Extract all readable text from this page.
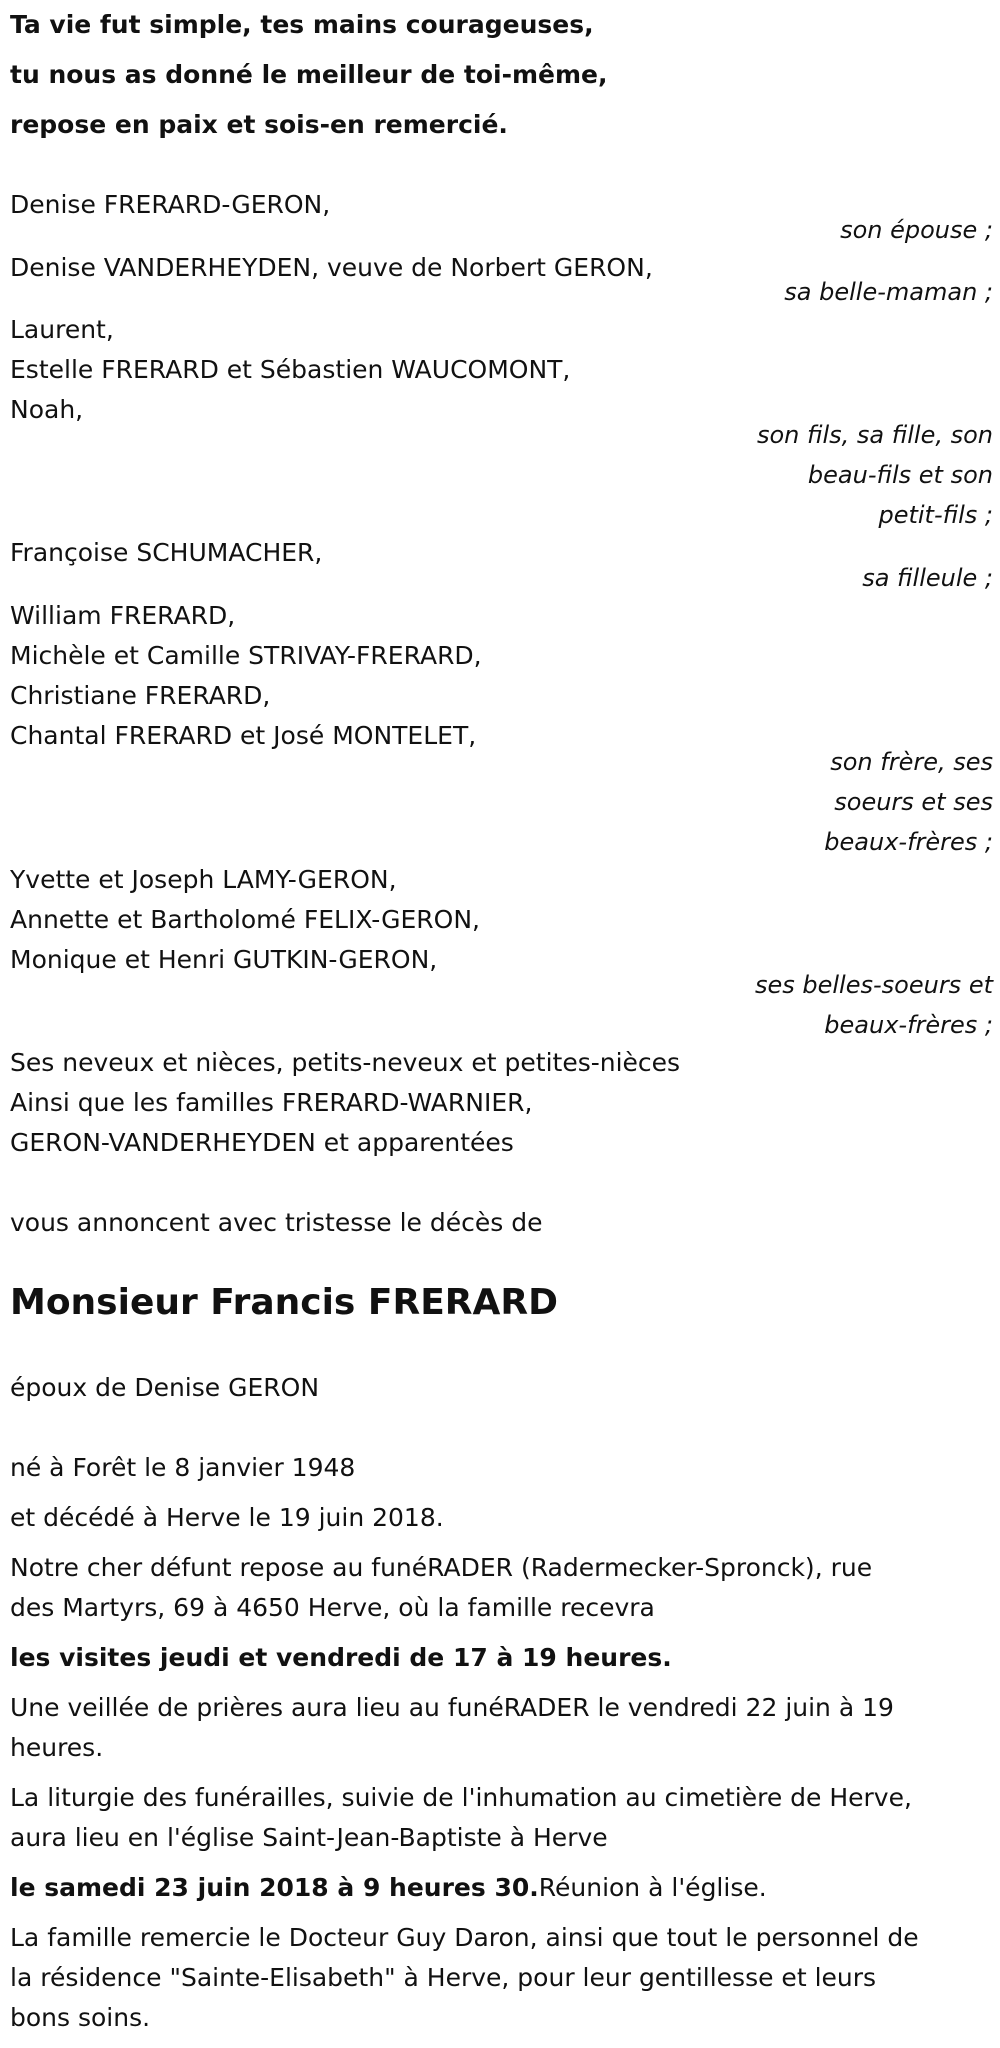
Ta vie fut simple, tes mains courageuses,
tu nous as donné le meilleur de toi-même,
repose en paix et sois-en remercié.
Denise FRERARD-GERON,
son épouse ;
Denise VANDERHEYDEN, veuve de Norbert GERON,
sa belle-maman ;
Laurent,
Estelle FRERARD et Sébastien WAUCOMONT,
Noah,
son fils, sa fille, son
beau-fils et son
petit-fils ;
Françoise SCHUMACHER,
sa filleule ;
William FRERARD,
Michèle et Camille STRIVAY-FRERARD,
Christiane FRERARD,
Chantal FRERARD et José MONTELET,
son frère, ses
soeurs et ses
beaux-frères ;
Yvette et Joseph LAMY-GERON,
Annette et Bartholomé FELIX-GERON,
Monique et Henri GUTKIN-GERON,
ses belles-soeurs et
beaux-frères ;
Ses neveux et nièces, petits-neveux et petites-nièces
Ainsi que les familles FRERARD-WARNIER,
GERON-VANDERHEYDEN et apparentées
vous annoncent avec tristesse le décès de
Monsieur Francis FRERARD
époux de Denise GERON
né à Forêt le 8 janvier 1948
et décédé à Herve le 19 juin 2018.
Notre cher défunt repose au funéRADER (Radermecker-Spronck), rue
des Martyrs, 69 à 4650 Herve, où la famille recevra
les visites jeudi et vendredi de 17 à 19 heures.
Une veillée de prières aura lieu au funéRADER le vendredi 22 juin à 19
heures.
La liturgie des funérailles, suivie de l'inhumation au cimetière de Herve,
aura lieu en l'église Saint-Jean-Baptiste à Herve
le samedi 23 juin 2018 à 9 heures 30.Réunion à l'église.
La famille remercie le Docteur Guy Daron, ainsi que tout le personnel de
la résidence "Sainte-Elisabeth" à Herve, pour leur gentillesse et leurs
bons soins.
